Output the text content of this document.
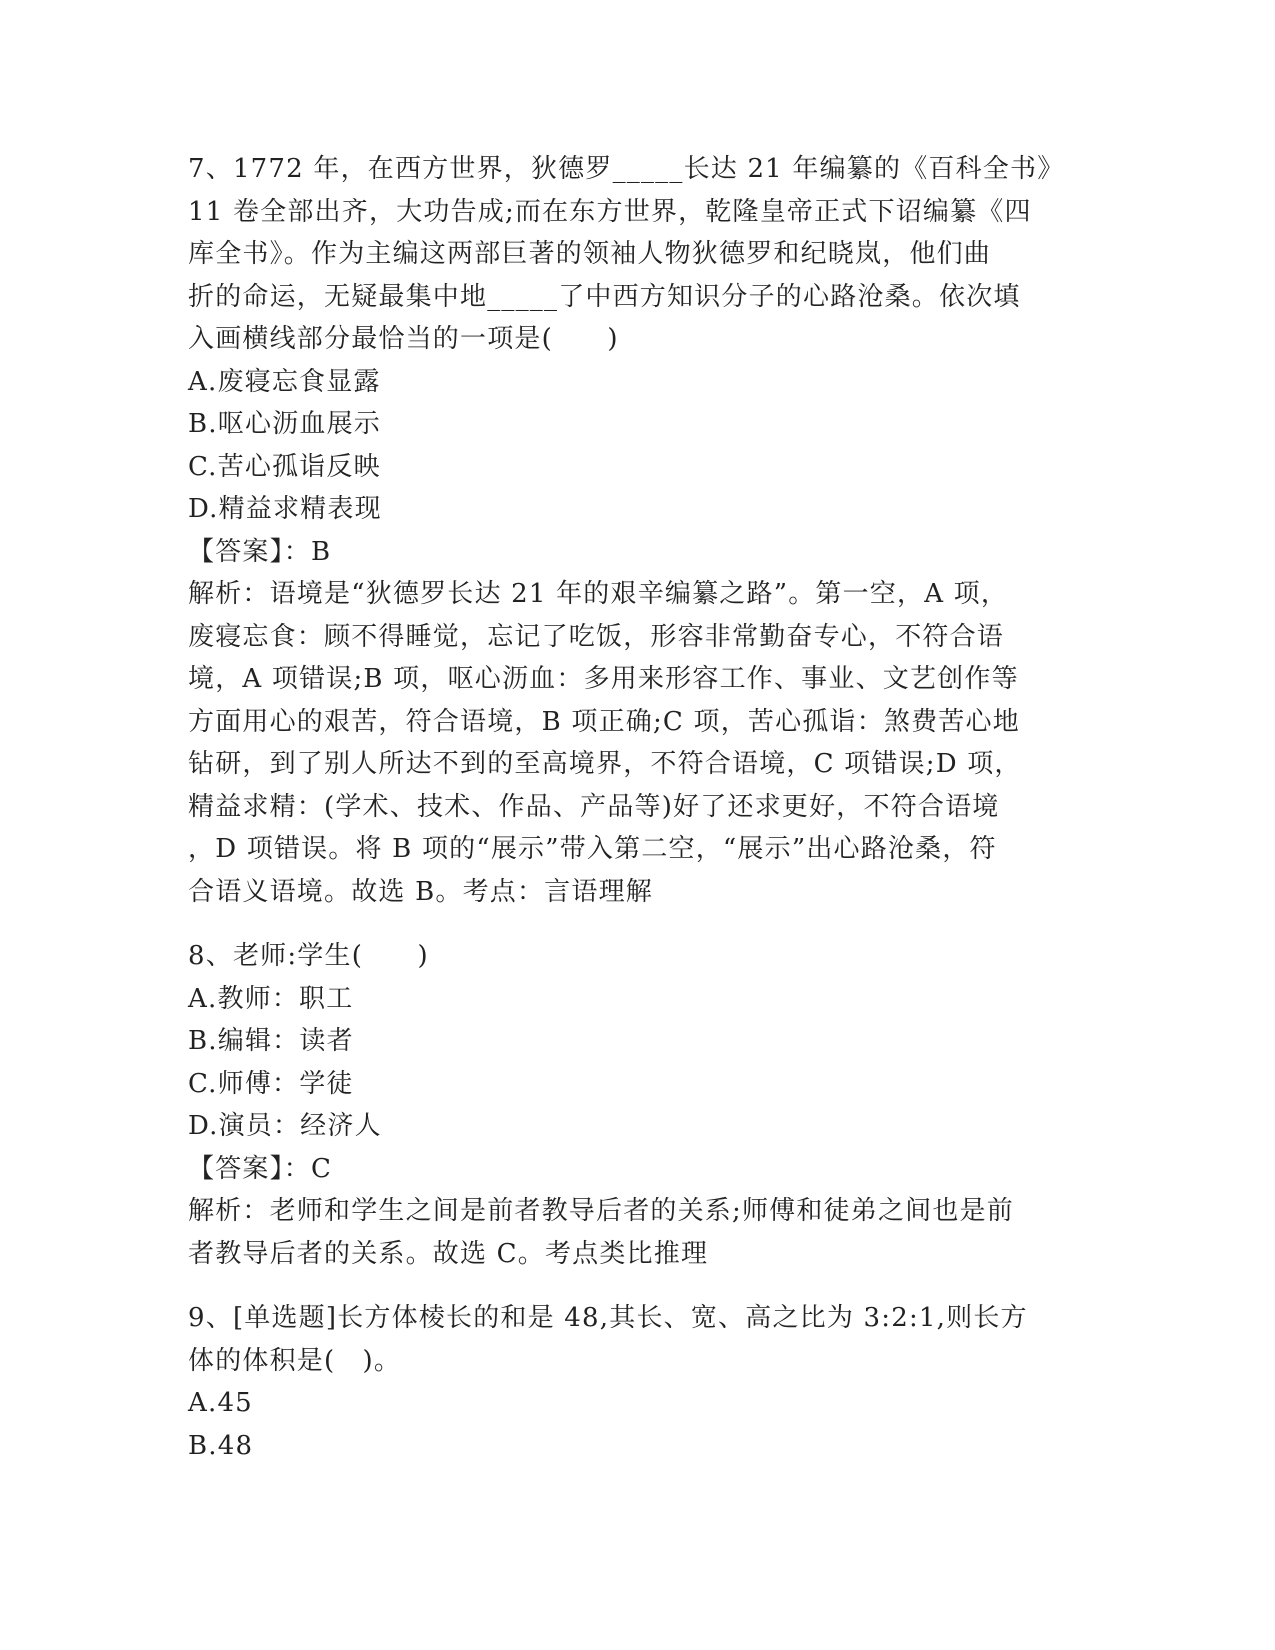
7、1772 年，在西方世界，狄德罗_____长达 21 年编纂的《百科全书》
11 卷全部出齐，大功告成;而在东方世界，乾隆皇帝正式下诏编纂《四
库全书》。作为主编这两部巨著的领袖人物狄德罗和纪晓岚，他们曲
折的命运，无疑最集中地_____了中西方知识分子的心路沧桑。依次填
入画横线部分最恰当的一项是(　　)
A.废寝忘食显露
B.呕心沥血展示
C.苦心孤诣反映
D.精益求精表现
【答案】：B
解析：语境是“狄德罗长达 21 年的艰辛编纂之路”。第一空，A 项，
废寝忘食：顾不得睡觉，忘记了吃饭，形容非常勤奋专心，不符合语
境，A 项错误;B 项，呕心沥血：多用来形容工作、事业、文艺创作等
方面用心的艰苦，符合语境，B 项正确;C 项，苦心孤诣：煞费苦心地
钻研，到了别人所达不到的至高境界，不符合语境，C 项错误;D 项，
精益求精：(学术、技术、作品、产品等)好了还求更好，不符合语境
，D 项错误。将 B 项的“展示”带入第二空，“展示”出心路沧桑，符
合语义语境。故选 B。考点：言语理解
8、老师:学生(　　)
A.教师：职工
B.编辑：读者
C.师傅：学徒
D.演员：经济人
【答案】：C
解析：老师和学生之间是前者教导后者的关系;师傅和徒弟之间也是前
者教导后者的关系。故选 C。考点类比推理
9、[单选题]长方体棱长的和是 48,其长、宽、高之比为 3:2:1,则长方
体的体积是(　)。
A.45
B.48
